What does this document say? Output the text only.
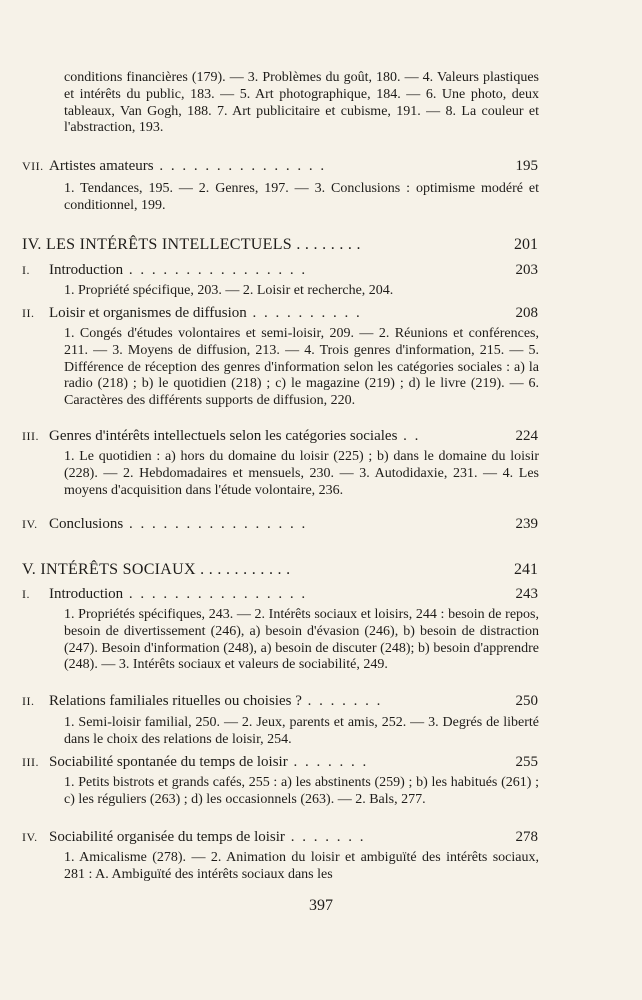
conditions financières (179). — 3. Problèmes du goût, 180. — 4. Valeurs plastiques et intérêts du public, 183. — 5. Art photographique, 184. — 6. Une photo, deux tableaux, Van Gogh, 188. 7. Art publicitaire et cubisme, 191. — 8. La couleur et l'abstraction, 193.
VII. Artistes amateurs . . . . . . . . . . . . . . .	195
1. Tendances, 195. — 2. Genres, 197. — 3. Conclusions : optimisme modéré et conditionnel, 199.
IV. LES INTÉRÊTS INTELLECTUELS . . . . . . . .	201
I. Introduction . . . . . . . . . . . . . . . .	203
1. Propriété spécifique, 203. — 2. Loisir et recherche, 204.
II. Loisir et organismes de diffusion . . . . . . . . . .	208
1. Congés d'études volontaires et semi-loisir, 209. — 2. Réunions et conférences, 211. — 3. Moyens de diffusion, 213. — 4. Trois genres d'information, 215. — 5. Différence de réception des genres d'information selon les catégories sociales : a) la radio (218) ; b) le quotidien (218) ; c) le magazine (219) ; d) le livre (219). — 6. Caractères des différents supports de diffusion, 220.
III. Genres d'intérêts intellectuels selon les catégories sociales . .	224
1. Le quotidien : a) hors du domaine du loisir (225) ; b) dans le domaine du loisir (228). — 2. Hebdomadaires et mensuels, 230. — 3. Autodidaxie, 231. — 4. Les moyens d'acquisition dans l'étude volontaire, 236.
IV. Conclusions . . . . . . . . . . . . . . . .	239
V. INTÉRÊTS SOCIAUX . . . . . . . . . . .	241
I. Introduction . . . . . . . . . . . . . . . .	243
1. Propriétés spécifiques, 243. — 2. Intérêts sociaux et loisirs, 244 : besoin de repos, besoin de divertissement (246), a) besoin d'évasion (246), b) besoin de distraction (247). Besoin d'information (248), a) besoin de discuter (248); b) besoin d'apprendre (248). — 3. Intérêts sociaux et valeurs de sociabilité, 249.
II. Relations familiales rituelles ou choisies ? . . . . . . .	250
1. Semi-loisir familial, 250. — 2. Jeux, parents et amis, 252. — 3. Degrés de liberté dans le choix des relations de loisir, 254.
III. Sociabilité spontanée du temps de loisir . . . . . . .	255
1. Petits bistrots et grands cafés, 255 : a) les abstinents (259) ; b) les habitués (261) ; c) les réguliers (263) ; d) les occasionnels (263). — 2. Bals, 277.
IV. Sociabilité organisée du temps de loisir . . . . . . .	278
1. Amicalisme (278). — 2. Animation du loisir et ambiguïté des intérêts sociaux, 281 : A. Ambiguïté des intérêts sociaux dans les
397
